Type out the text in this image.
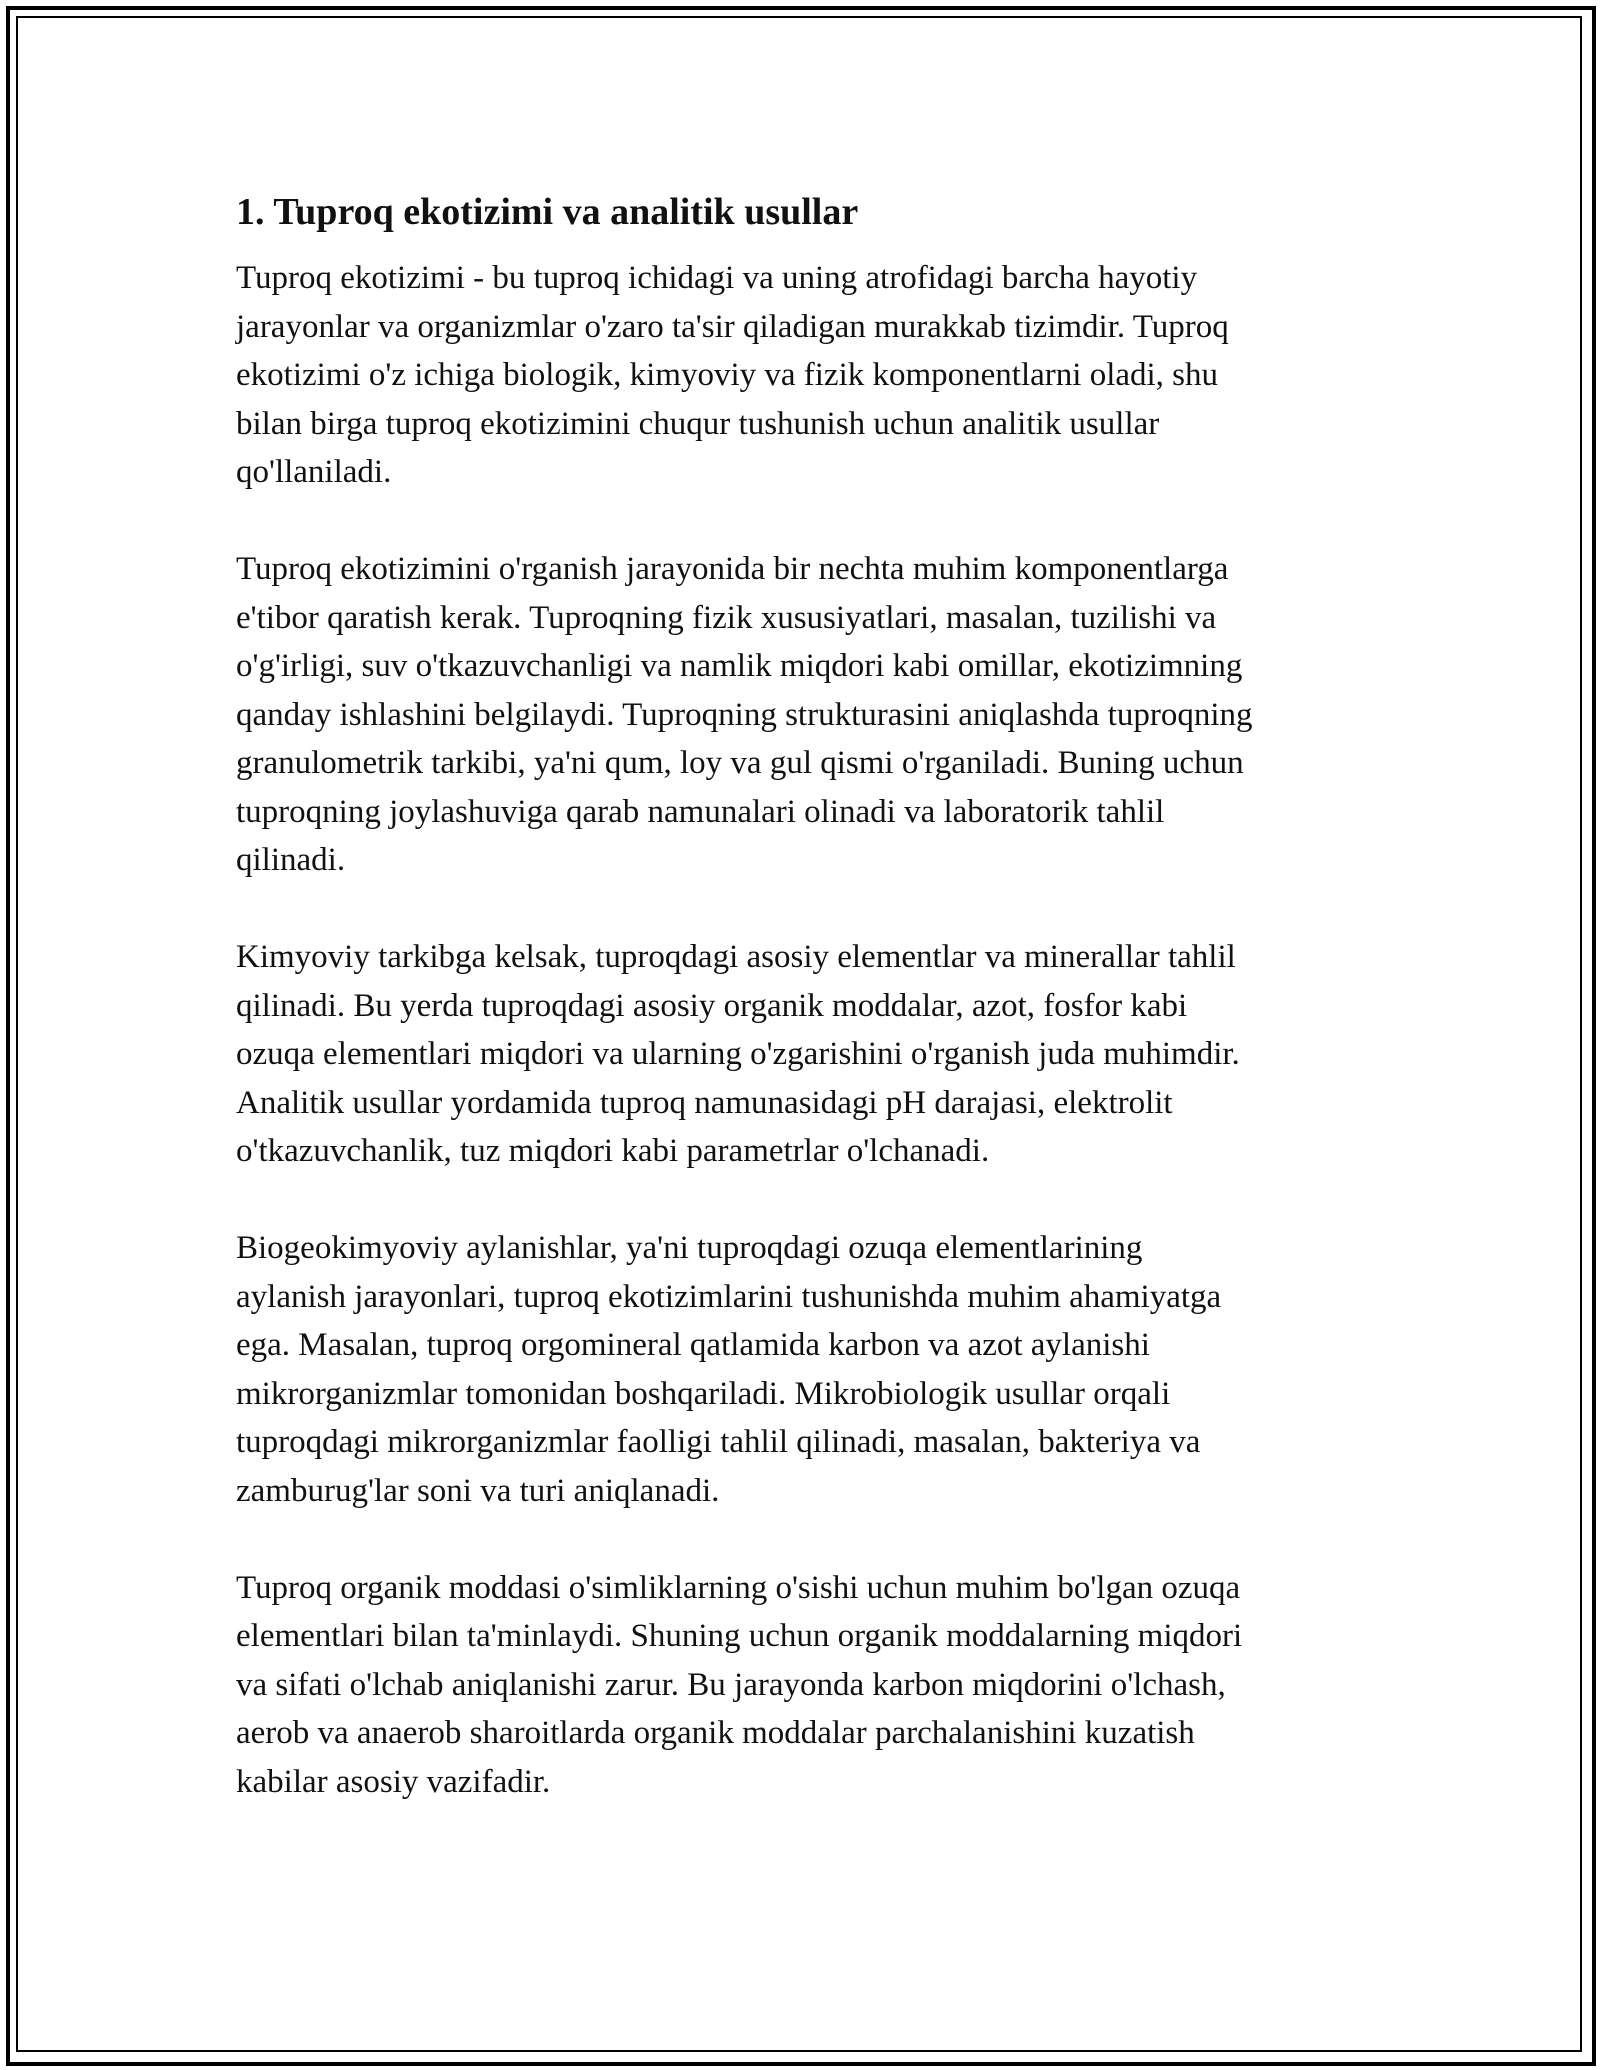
1. Tuproq ekotizimi va analitik usullar

Tuproq ekotizimi - bu tuproq ichidagi va uning atrofidagi barcha hayotiy
jarayonlar va organizmlar o'zaro ta'sir qiladigan murakkab tizimdir. Tuproq
ekotizimi o'z ichiga biologik, kimyoviy va fizik komponentlarni oladi, shu
bilan birga tuproq ekotizimini chuqur tushunish uchun analitik usullar
qo'llaniladi.

Tuproq ekotizimini o'rganish jarayonida bir nechta muhim komponentlarga
e'tibor qaratish kerak. Tuproqning fizik xususiyatlari, masalan, tuzilishi va
o'g'irligi, suv o'tkazuvchanligi va namlik miqdori kabi omillar, ekotizimning
qanday ishlashini belgilaydi. Tuproqning strukturasini aniqlashda tuproqning
granulometrik tarkibi, ya'ni qum, loy va gul qismi o'rganiladi. Buning uchun
tuproqning joylashuviga qarab namunalari olinadi va laboratorik tahlil
qilinadi.

Kimyoviy tarkibga kelsak, tuproqdagi asosiy elementlar va minerallar tahlil
qilinadi. Bu yerda tuproqdagi asosiy organik moddalar, azot, fosfor kabi
ozuqa elementlari miqdori va ularning o'zgarishini o'rganish juda muhimdir.
Analitik usullar yordamida tuproq namunasidagi pH darajasi, elektrolit
o'tkazuvchanlik, tuz miqdori kabi parametrlar o'lchanadi.

Biogeokimyoviy aylanishlar, ya'ni tuproqdagi ozuqa elementlarining
aylanish jarayonlari, tuproq ekotizimlarini tushunishda muhim ahamiyatga
ega. Masalan, tuproq orgomineral qatlamida karbon va azot aylanishi
mikrorganizmlar tomonidan boshqariladi. Mikrobiologik usullar orqali
tuproqdagi mikrorganizmlar faolligi tahlil qilinadi, masalan, bakteriya va
zamburug'lar soni va turi aniqlanadi.

Tuproq organik moddasi o'simliklarning o'sishi uchun muhim bo'lgan ozuqa
elementlari bilan ta'minlaydi. Shuning uchun organik moddalarning miqdori
va sifati o'lchab aniqlanishi zarur. Bu jarayonda karbon miqdorini o'lchash,
aerob va anaerob sharoitlarda organik moddalar parchalanishini kuzatish
kabilar asosiy vazifadir.
